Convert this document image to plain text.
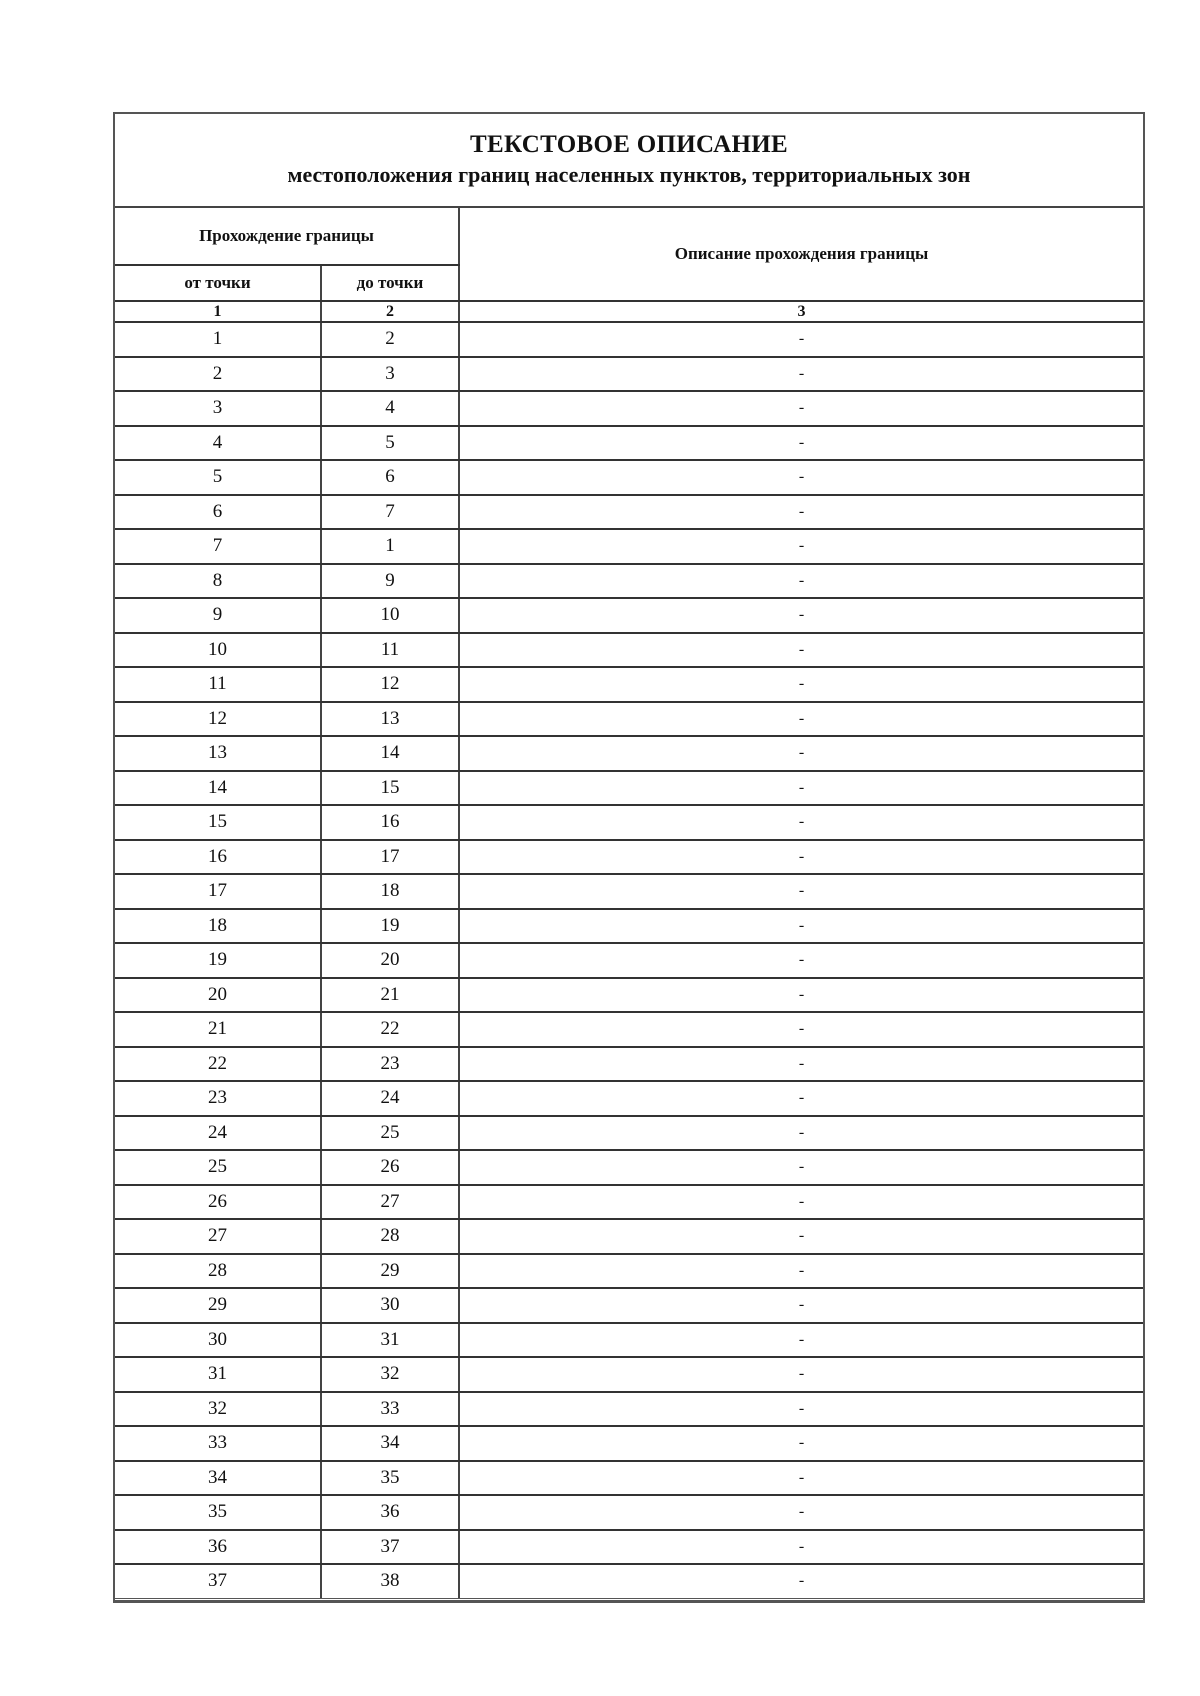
ТЕКСТОВОЕ ОПИСАНИЕ
местоположения границ населенных пунктов, территориальных зон
Прохождение границы		Описание прохождения границы
от точки	до точки	
1	2	3
1	2	-
2	3	-
3	4	-
4	5	-
5	6	-
6	7	-
7	1	-
8	9	-
9	10	-
10	11	-
11	12	-
12	13	-
13	14	-
14	15	-
15	16	-
16	17	-
17	18	-
18	19	-
19	20	-
20	21	-
21	22	-
22	23	-
23	24	-
24	25	-
25	26	-
26	27	-
27	28	-
28	29	-
29	30	-
30	31	-
31	32	-
32	33	-
33	34	-
34	35	-
35	36	-
36	37	-
37	38	-
